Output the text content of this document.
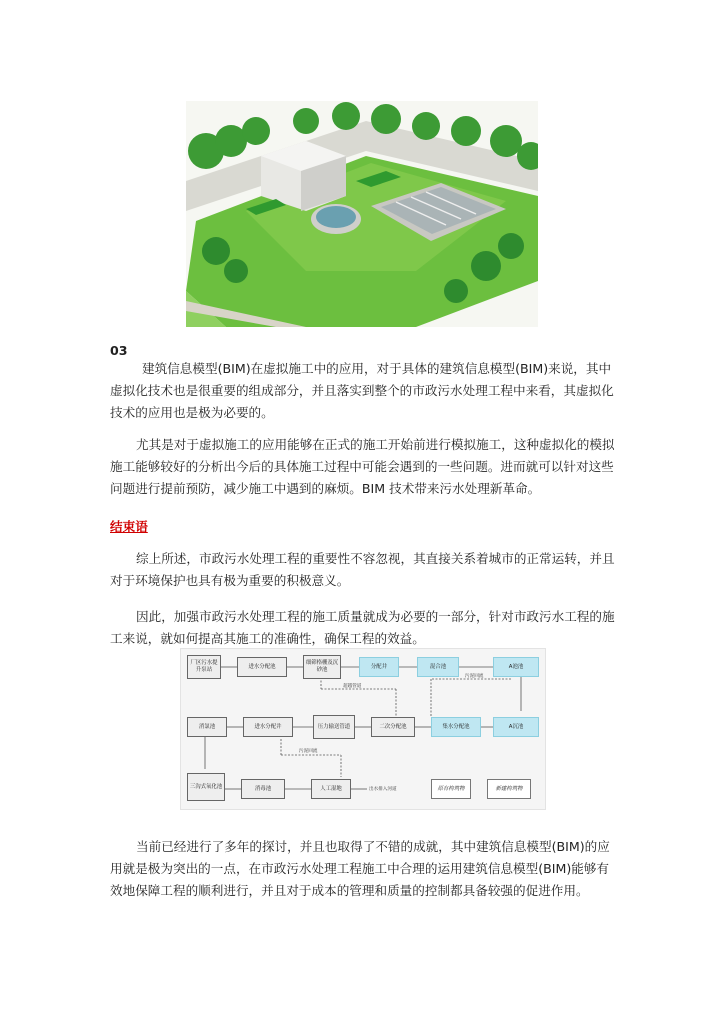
03

建筑信息模型(BIM)在虚拟施工中的应用，对于具体的建筑信息模型(BIM)来说，其中虚拟化技术也是很重要的组成部分，并且落实到整个的市政污水处理工程中来看，其虚拟化技术的应用也是极为必要的。

尤其是对于虚拟施工的应用能够在正式的施工开始前进行模拟施工，这种虚拟化的模拟施工能够较好的分析出今后的具体施工过程中可能会遇到的一些问题。进而就可以针对这些问题进行提前预防，减少施工中遇到的麻烦。BIM 技术带来污水处理新革命。

结束语

综上所述，市政污水处理工程的重要性不容忽视，其直接关系着城市的正常运转，并且对于环境保护也具有极为重要的积极意义。

因此，加强市政污水处理工程的施工质量就成为必要的一部分，针对市政污水工程的施工来说，就如何提高其施工的准确性，确保工程的效益。

厂区污水提升泵站
进水分配池
细筛格栅及沉砂池
分配井	混合池	A池池
超越管道
污泥回流
消氯池	进水分配井	压力输送管道	二次分配池	集水分配池	A沉池
污泥回流
三沟式氧化池	消毒池	人工湿地	出水排入河道	原有构筑物	新建构筑物

当前已经进行了多年的探讨，并且也取得了不错的成就，其中建筑信息模型(BIM)的应用就是极为突出的一点，在市政污水处理工程施工中合理的运用建筑信息模型(BIM)能够有效地保障工程的顺利进行，并且对于成本的管理和质量的控制都具备较强的促进作用。
